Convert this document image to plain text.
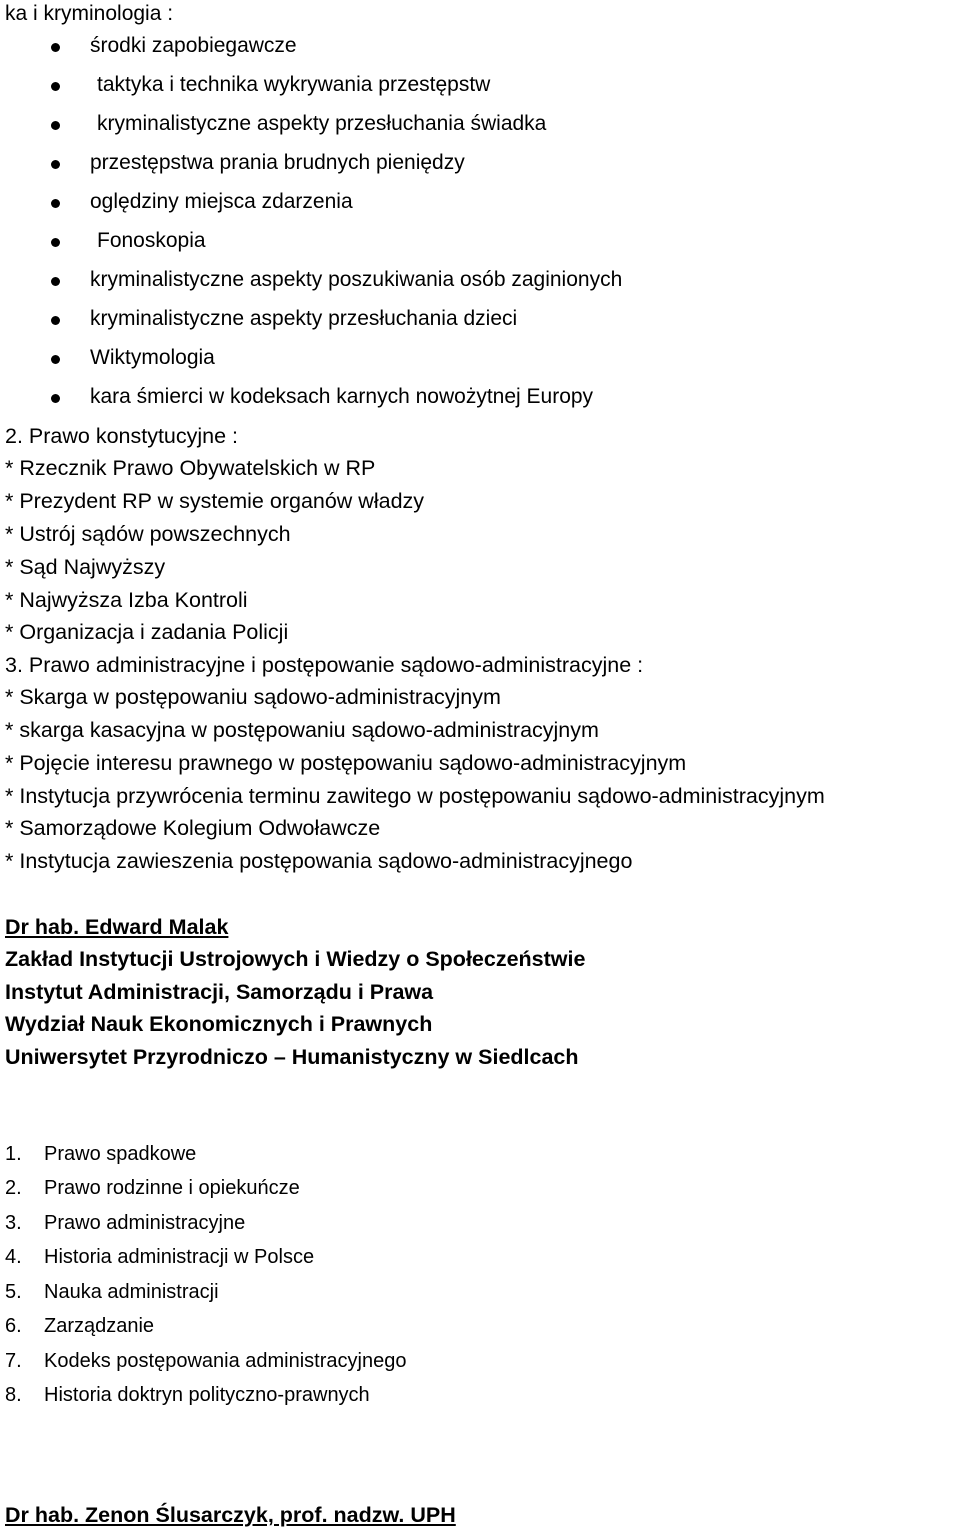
ka i kryminologia :
środki zapobiegawcze
taktyka i technika wykrywania przestępstw
kryminalistyczne aspekty przesłuchania świadka
przestępstwa prania brudnych pieniędzy
oględziny miejsca zdarzenia
Fonoskopia
kryminalistyczne aspekty poszukiwania osób zaginionych
kryminalistyczne aspekty przesłuchania dzieci
Wiktymologia
kara śmierci w kodeksach karnych nowożytnej Europy
2. Prawo konstytucyjne :
* Rzecznik Prawo Obywatelskich w RP
* Prezydent RP w systemie organów władzy
* Ustrój sądów powszechnych
* Sąd Najwyższy
* Najwyższa Izba Kontroli
* Organizacja i zadania Policji
3. Prawo administracyjne i postępowanie sądowo-administracyjne :
* Skarga w postępowaniu sądowo-administracyjnym
* skarga kasacyjna w postępowaniu sądowo-administracyjnym
* Pojęcie interesu prawnego w postępowaniu sądowo-administracyjnym
* Instytucja przywrócenia terminu zawitego w postępowaniu sądowo-administracyjnym
* Samorządowe Kolegium Odwoławcze
* Instytucja zawieszenia postępowania sądowo-administracyjnego
Dr hab. Edward Malak
Zakład Instytucji Ustrojowych i Wiedzy o Społeczeństwie
Instytut Administracji, Samorządu i Prawa
Wydział Nauk Ekonomicznych i Prawnych
Uniwersytet Przyrodniczo – Humanistyczny w Siedlcach
1. Prawo spadkowe
2. Prawo rodzinne i opiekuńcze
3. Prawo administracyjne
4. Historia administracji w Polsce
5. Nauka administracji
6. Zarządzanie
7. Kodeks postępowania administracyjnego
8. Historia doktryn polityczno-prawnych
Dr hab. Zenon Ślusarczyk, prof. nadzw. UPH
